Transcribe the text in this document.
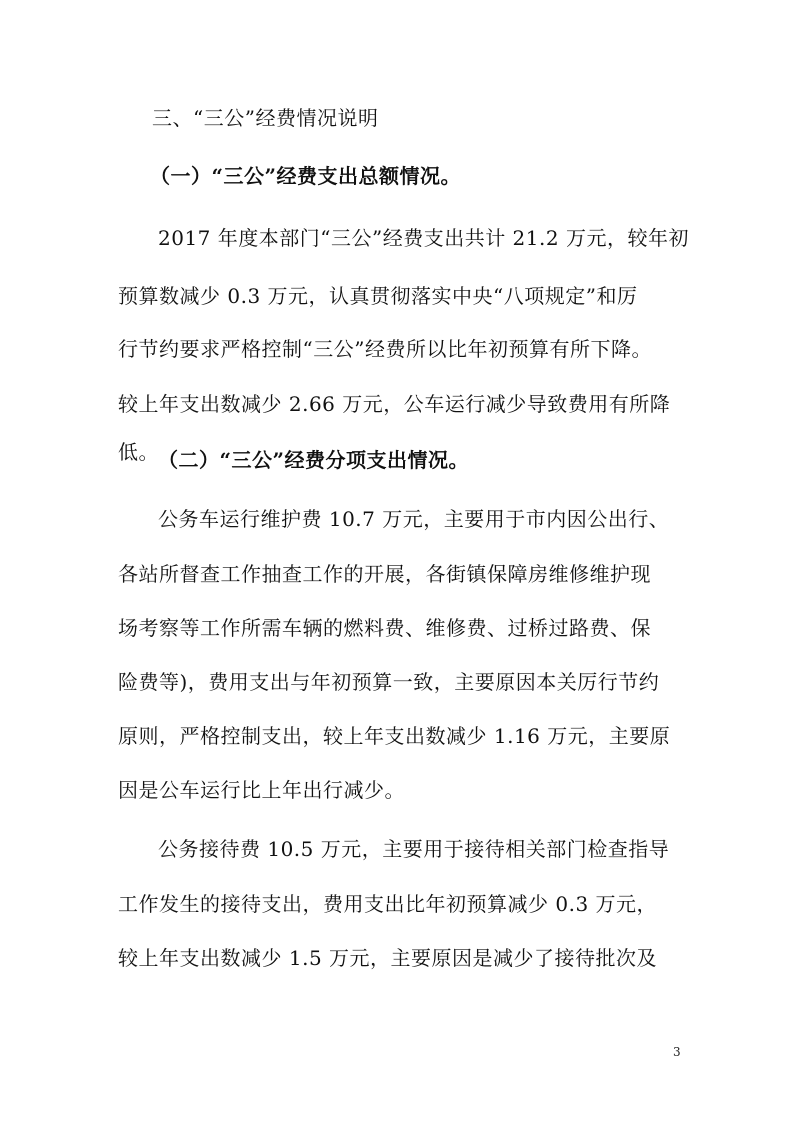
三、“三公”经费情况说明
（一）“三公”经费支出总额情况。
2017 年度本部门“三公”经费支出共计 21.2 万元，较年初
预算数减少 0.3 万元，认真贯彻落实中央“八项规定”和厉
行节约要求严格控制“三公”经费所以比年初预算有所下降。
较上年支出数减少 2.66 万元，公车运行减少导致费用有所降
低。 （二）“三公”经费分项支出情况。
公务车运行维护费 10.7 万元，主要用于市内因公出行、
各站所督查工作抽查工作的开展，各街镇保障房维修维护现
场考察等工作所需车辆的燃料费、维修费、过桥过路费、保
险费等)，费用支出与年初预算一致，主要原因本关厉行节约
原则，严格控制支出，较上年支出数减少 1.16 万元，主要原
因是公车运行比上年出行减少。
公务接待费 10.5 万元，主要用于接待相关部门检查指导
工作发生的接待支出，费用支出比年初预算减少 0.3 万元，
较上年支出数减少 1.5 万元，主要原因是减少了接待批次及
3
